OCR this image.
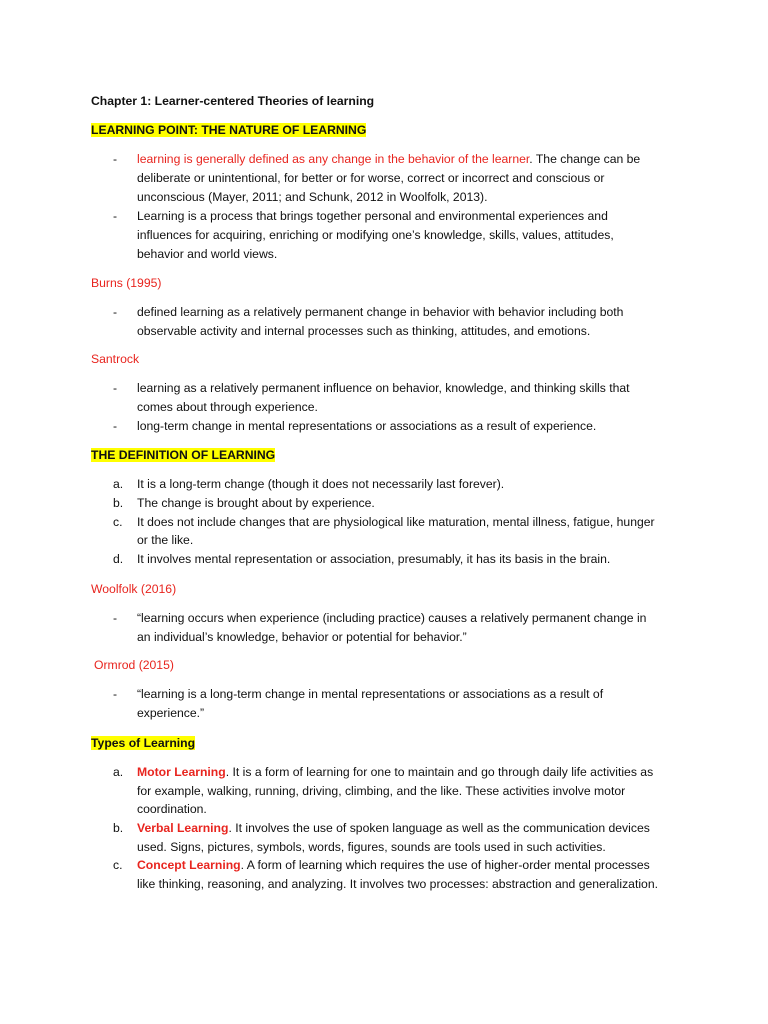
Chapter 1: Learner-centered Theories of learning
LEARNING POINT: THE NATURE OF LEARNING
- learning is generally defined as any change in the behavior of the learner. The change can be
deliberate or unintentional, for better or for worse, correct or incorrect and conscious or
unconscious (Mayer, 2011; and Schunk, 2012 in Woolfolk, 2013).
- Learning is a process that brings together personal and environmental experiences and
influences for acquiring, enriching or modifying one’s knowledge, skills, values, attitudes,
behavior and world views.
Burns (1995)
- defined learning as a relatively permanent change in behavior with behavior including both
observable activity and internal processes such as thinking, attitudes, and emotions.
Santrock
- learning as a relatively permanent influence on behavior, knowledge, and thinking skills that
comes about through experience.
- long-term change in mental representations or associations as a result of experience.
THE DEFINITION OF LEARNING
a. It is a long-term change (though it does not necessarily last forever).
b. The change is brought about by experience.
c. It does not include changes that are physiological like maturation, mental illness, fatigue, hunger
or the like.
d. It involves mental representation or association, presumably, it has its basis in the brain.
Woolfolk (2016)
- “learning occurs when experience (including practice) causes a relatively permanent change in
an individual’s knowledge, behavior or potential for behavior.”
Ormrod (2015)
- “learning is a long-term change in mental representations or associations as a result of
experience.”
Types of Learning
a. Motor Learning. It is a form of learning for one to maintain and go through daily life activities as
for example, walking, running, driving, climbing, and the like. These activities involve motor
coordination.
b. Verbal Learning. It involves the use of spoken language as well as the communication devices
used. Signs, pictures, symbols, words, figures, sounds are tools used in such activities.
c. Concept Learning. A form of learning which requires the use of higher-order mental processes
like thinking, reasoning, and analyzing. It involves two processes: abstraction and generalization.
